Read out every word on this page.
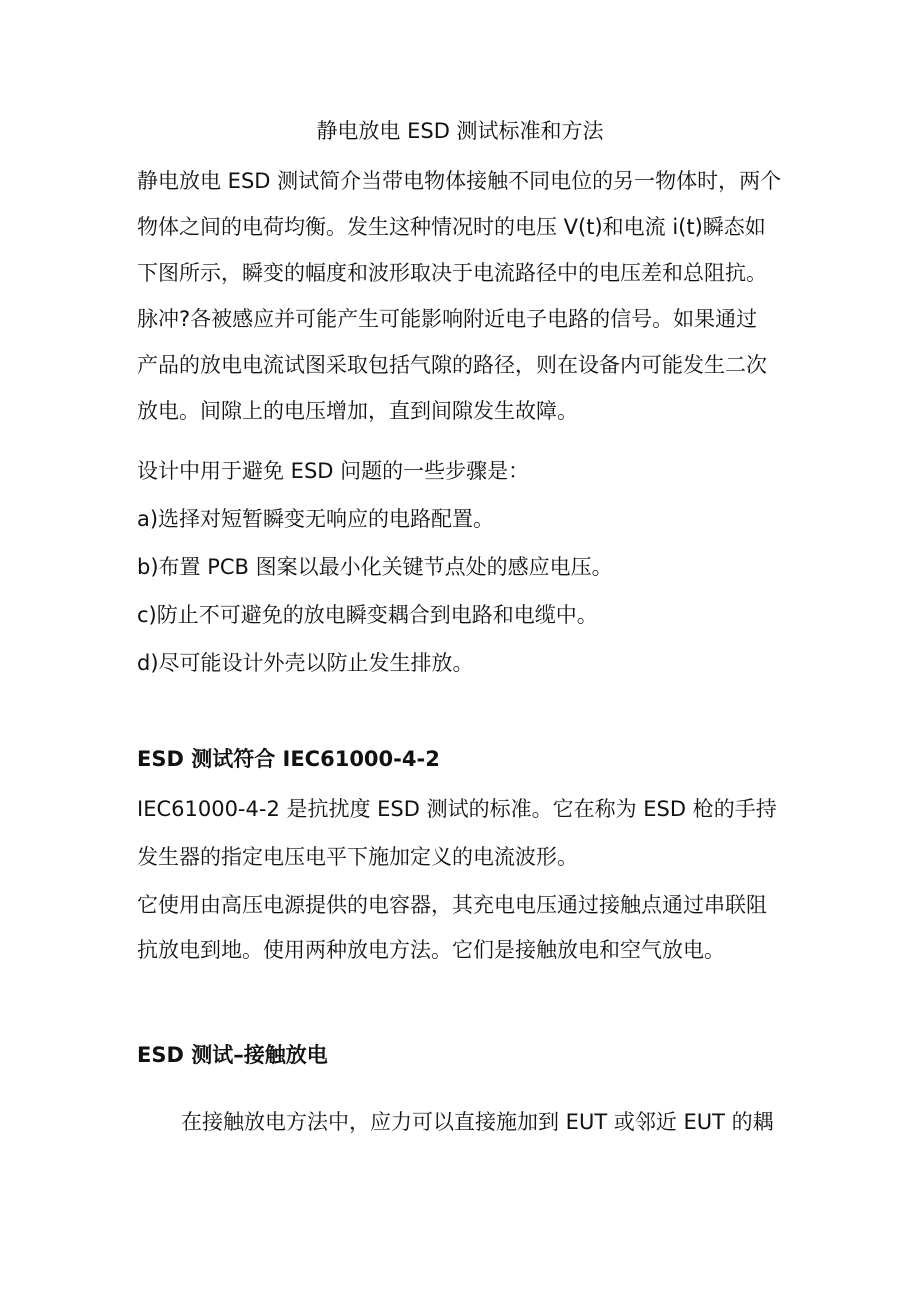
静电放电 ESD 测试标准和方法
静电放电 ESD 测试简介当带电物体接触不同电位的另一物体时，两个
物体之间的电荷均衡。发生这种情况时的电压 V(t)和电流 i(t)瞬态如
下图所示，瞬变的幅度和波形取决于电流路径中的电压差和总阻抗。
脉冲?各被感应并可能产生可能影响附近电子电路的信号。如果通过
产品的放电电流试图采取包括气隙的路径，则在设备内可能发生二次
放电。间隙上的电压增加，直到间隙发生故障。
设计中用于避免 ESD 问题的一些步骤是：
a)选择对短暂瞬变无响应的电路配置。
b)布置 PCB 图案以最小化关键节点处的感应电压。
c)防止不可避免的放电瞬变耦合到电路和电缆中。
d)尽可能设计外壳以防止发生排放。
ESD 测试符合 IEC61000-4-2
IEC61000-4-2 是抗扰度 ESD 测试的标准。它在称为 ESD 枪的手持
发生器的指定电压电平下施加定义的电流波形。
它使用由高压电源提供的电容器，其充电电压通过接触点通过串联阻
抗放电到地。使用两种放电方法。它们是接触放电和空气放电。
ESD 测试–接触放电
在接触放电方法中，应力可以直接施加到 EUT 或邻近 EUT 的耦
